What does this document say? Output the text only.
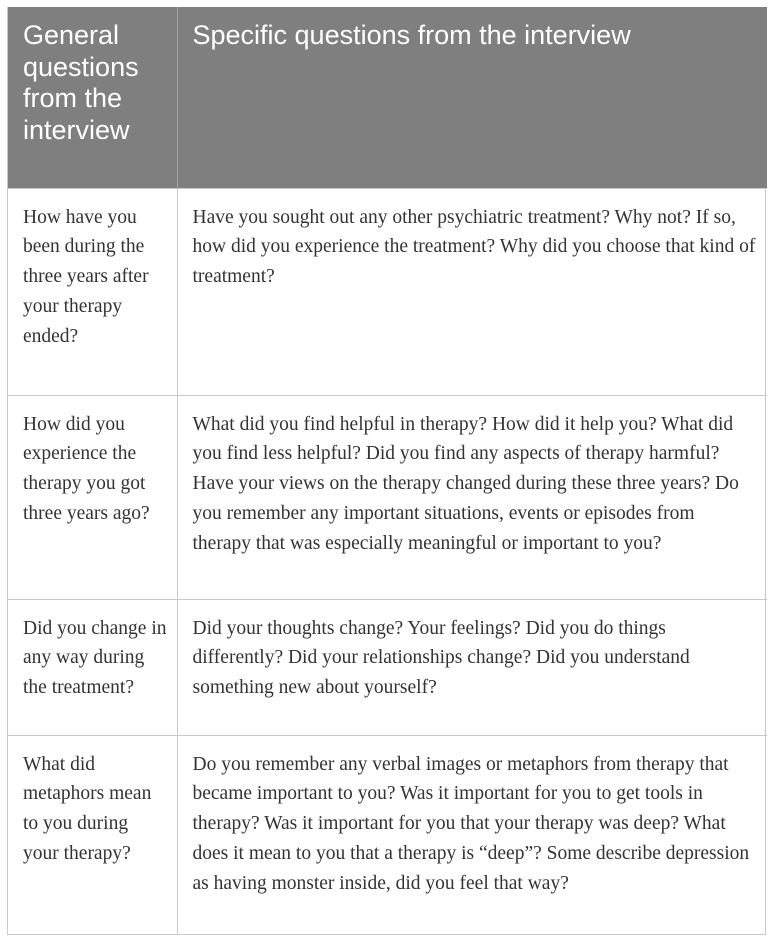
General questions from the interview	Specific questions from the interview
How have you been during the three years after your therapy ended?	Have you sought out any other psychiatric treatment? Why not? If so, how did you experience the treatment? Why did you choose that kind of treatment?
How did you experience the therapy you got three years ago?	What did you find helpful in therapy? How did it help you? What did you find less helpful? Did you find any aspects of therapy harmful? Have your views on the therapy changed during these three years? Do you remember any important situations, events or episodes from therapy that was especially meaningful or important to you?
Did you change in any way during the treatment?	Did your thoughts change? Your feelings? Did you do things differently? Did your relationships change? Did you understand something new about yourself?
What did metaphors mean to you during your therapy?	Do you remember any verbal images or metaphors from therapy that became important to you? Was it important for you to get tools in therapy? Was it important for you that your therapy was deep? What does it mean to you that a therapy is “deep”? Some describe depression as having monster inside, did you feel that way?
